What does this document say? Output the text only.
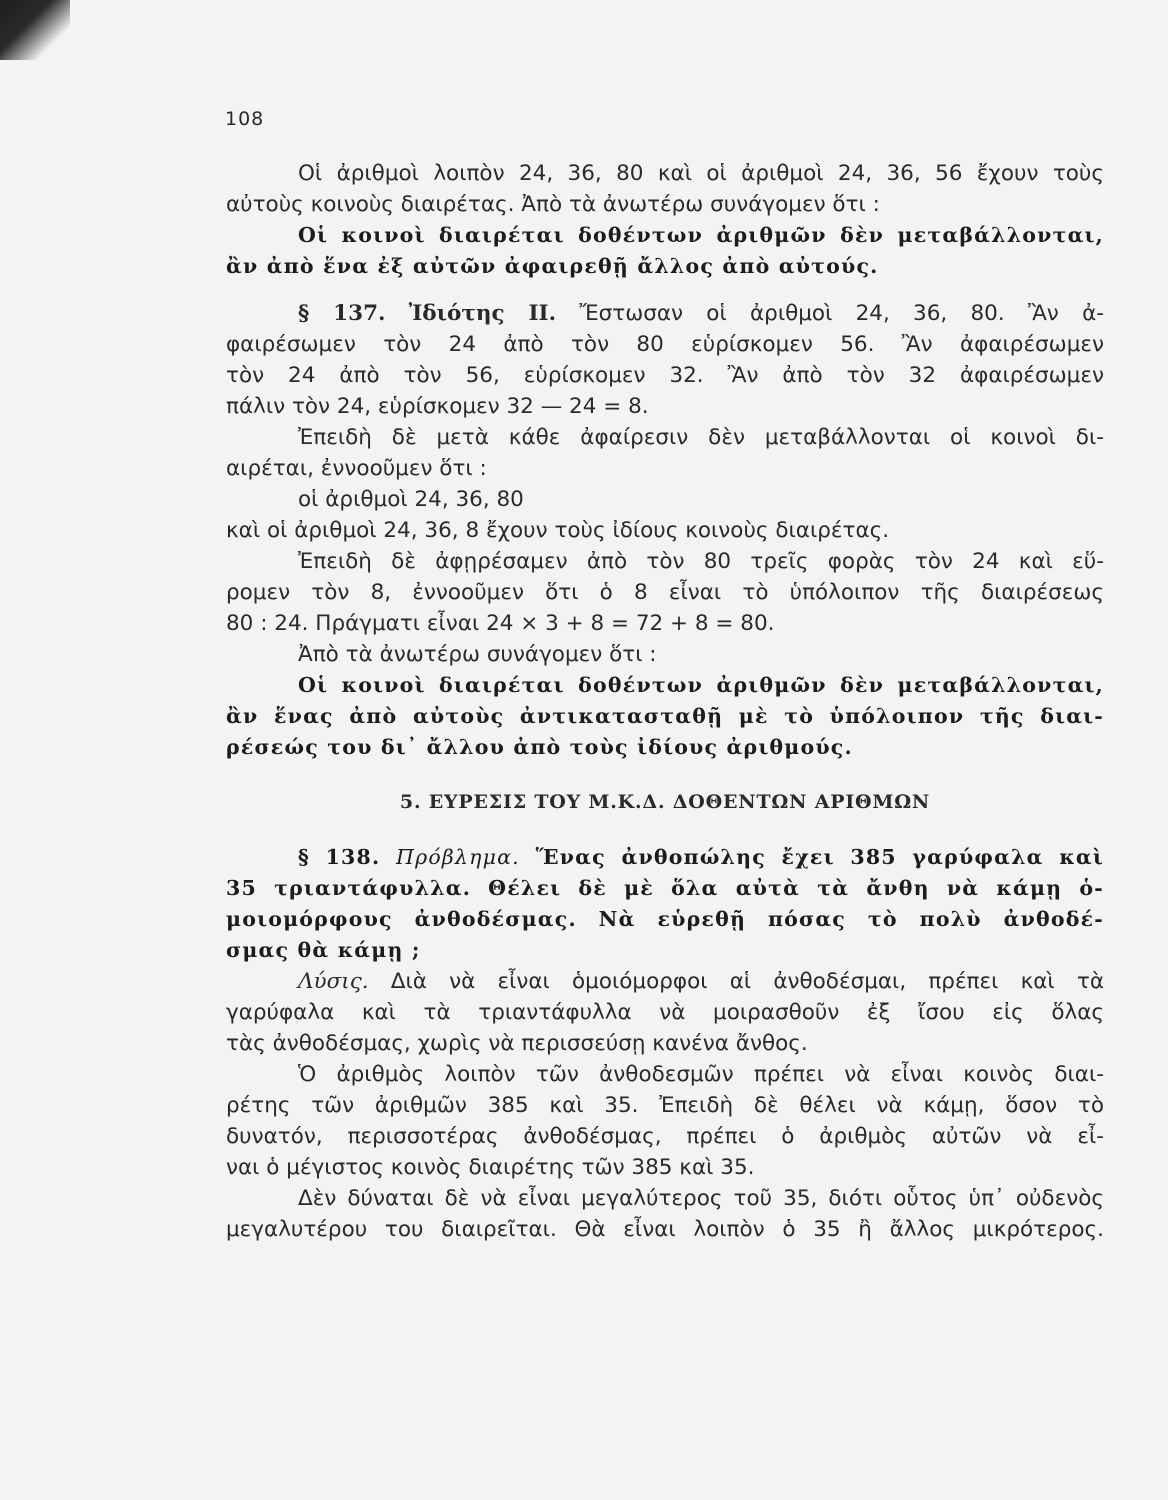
108
Οἱ ἀριθμοὶ λοιπὸν 24, 36, 80 καὶ οἱ ἀριθμοὶ 24, 36, 56 ἔχουν τοὺς
αὐτοὺς κοινοὺς διαιρέτας. Ἀπὸ τὰ ἀνωτέρω συνάγομεν ὅτι :
Οἱ κοινοὶ διαιρέται δοθέντων ἀριθμῶν δὲν μεταβάλλονται,
ἂν ἀπὸ ἕνα ἐξ αὐτῶν ἀφαιρεθῇ ἄλλος ἀπὸ αὐτούς.
§ 137. Ἰδιότης ΙΙ. Ἔστωσαν οἱ ἀριθμοὶ 24, 36, 80. Ἂν ἀ-
φαιρέσωμεν τὸν 24 ἀπὸ τὸν 80 εὑρίσκομεν 56. Ἂν ἀφαιρέσωμεν
τὸν 24 ἀπὸ τὸν 56, εὑρίσκομεν 32. Ἂν ἀπὸ τὸν 32 ἀφαιρέσωμεν
πάλιν τὸν 24, εὑρίσκομεν 32 — 24 = 8.
Ἐπειδὴ δὲ μετὰ κάθε ἀφαίρεσιν δὲν μεταβάλλονται οἱ κοινοὶ δι-
αιρέται, ἐννοοῦμεν ὅτι :
οἱ ἀριθμοὶ 24, 36, 80
καὶ οἱ ἀριθμοὶ 24, 36, 8 ἔχουν τοὺς ἰδίους κοινοὺς διαιρέτας.
Ἐπειδὴ δὲ ἀφῃρέσαμεν ἀπὸ τὸν 80 τρεῖς φορὰς τὸν 24 καὶ εὕ-
ρομεν τὸν 8, ἐννοοῦμεν ὅτι ὁ 8 εἶναι τὸ ὑπόλοιπον τῆς διαιρέσεως
80 : 24. Πράγματι εἶναι 24 × 3 + 8 = 72 + 8 = 80.
Ἀπὸ τὰ ἀνωτέρω συνάγομεν ὅτι :
Οἱ κοινοὶ διαιρέται δοθέντων ἀριθμῶν δὲν μεταβάλλονται,
ἂν ἕνας ἀπὸ αὐτοὺς ἀντικατασταθῇ μὲ τὸ ὑπόλοιπον τῆς διαι-
ρέσεώς του δι᾿ ἄλλου ἀπὸ τοὺς ἰδίους ἀριθμούς.
5. ΕΥΡΕΣΙΣ ΤΟΥ Μ.Κ.Δ. ΔΟΘΕΝΤΩΝ ΑΡΙΘΜΩΝ
§ 138. Πρόβλημα. Ἕνας ἀνθοπώλης ἔχει 385 γαρύφαλα καὶ
35 τριαντάφυλλα. Θέλει δὲ μὲ ὅλα αὐτὰ τὰ ἄνθη νὰ κάμῃ ὁ-
μοιομόρφους ἀνθοδέσμας. Νὰ εὑρεθῇ πόσας τὸ πολὺ ἀνθοδέ-
σμας θὰ κάμῃ ;
Λύσις. Διὰ νὰ εἶναι ὁμοιόμορφοι αἱ ἀνθοδέσμαι, πρέπει καὶ τὰ
γαρύφαλα καὶ τὰ τριαντάφυλλα νὰ μοιρασθοῦν ἐξ ἴσου εἰς ὅλας
τὰς ἀνθοδέσμας, χωρὶς νὰ περισσεύσῃ κανένα ἄνθος.
Ὁ ἀριθμὸς λοιπὸν τῶν ἀνθοδεσμῶν πρέπει νὰ εἶναι κοινὸς διαι-
ρέτης τῶν ἀριθμῶν 385 καὶ 35. Ἐπειδὴ δὲ θέλει νὰ κάμῃ, ὅσον τὸ
δυνατόν, περισσοτέρας ἀνθοδέσμας, πρέπει ὁ ἀριθμὸς αὐτῶν νὰ εἶ-
ναι ὁ μέγιστος κοινὸς διαιρέτης τῶν 385 καὶ 35.
Δὲν δύναται δὲ νὰ εἶναι μεγαλύτερος τοῦ 35, διότι οὗτος ὑπ᾿ οὐδενὸς
μεγαλυτέρου του διαιρεῖται. Θὰ εἶναι λοιπὸν ὁ 35 ἢ ἄλλος μικρότερος.
